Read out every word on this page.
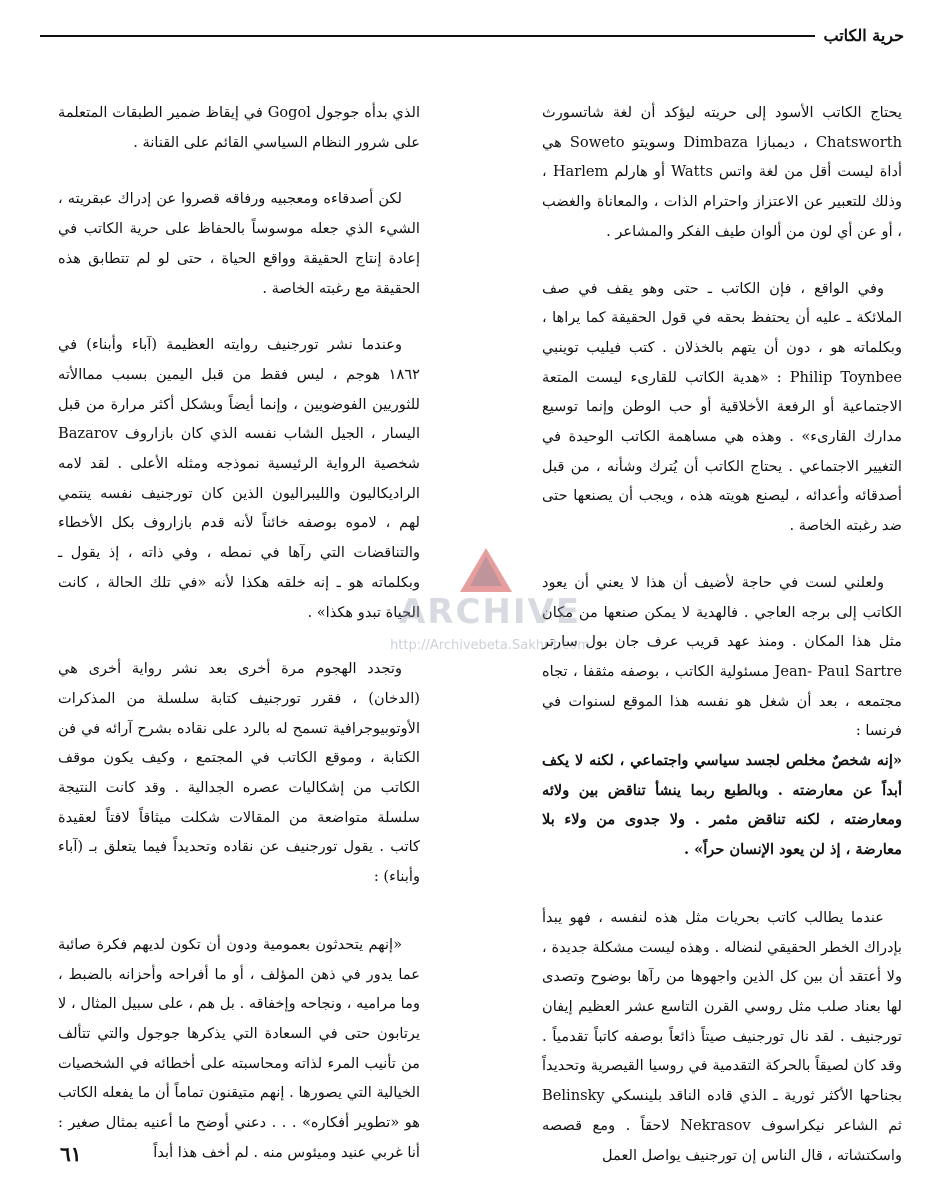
حرية الكاتب

يحتاج الكاتب الأسود إلى حريته ليؤكد أن لغة شاتسورث Chatsworth ، ديمبازا Dimbaza وسويتو Soweto هي أداة ليست أقل من لغة واتس Watts أو هارلم Harlem ، وذلك للتعبير عن الاعتزاز واحترام الذات ، والمعاناة والغضب ، أو عن أي لون من ألوان طيف الفكر والمشاعر .

وفي الواقع ، فإن الكاتب ـ حتى وهو يقف في صف الملائكة ـ عليه أن يحتفظ بحقه في قول الحقيقة كما يراها ، وبكلماته هو ، دون أن يتهم بالخذلان . كتب فيليب توينبي Philip Toynbee : «هدية الكاتب للقارىء ليست المتعة الاجتماعية أو الرفعة الأخلاقية أو حب الوطن وإنما توسيع مدارك القارىء» . وهذه هي مساهمة الكاتب الوحيدة في التغيير الاجتماعي . يحتاج الكاتب أن يُترك وشأنه ، من قبل أصدقائه وأعدائه ، ليصنع هويته هذه ، ويجب أن يصنعها حتى ضد رغبته الخاصة .

ولعلني لست في حاجة لأضيف أن هذا لا يعني أن يعود الكاتب إلى برجه العاجي . فالهدية لا يمكن صنعها من مكان مثل هذا المكان . ومنذ عهد قريب عرف جان بول سارتر Jean- Paul Sartre مسئولية الكاتب ، بوصفه مثقفا ، تجاه مجتمعه ، بعد أن شغل هو نفسه هذا الموقع لسنوات في فرنسا :

«إنه شخصٌ مخلص لجسد سياسي واجتماعي ، لكنه لا يكف أبداً عن معارضته . وبالطبع ربما ينشأ تناقض بين ولائه ومعارضته ، لكنه تناقض مثمر . ولا جدوى من ولاء بلا معارضة ، إذ لن يعود الإنسان حراً» .

عندما يطالب كاتب بحريات مثل هذه لنفسه ، فهو يبدأ بإدراك الخطر الحقيقي لنضاله . وهذه ليست مشكلة جديدة ، ولا أعتقد أن بين كل الذين واجهوها من رآها بوضوح وتصدى لها بعناد صلب مثل روسي القرن التاسع عشر العظيم إيفان تورجنيف . لقد نال تورجنيف صيتاً ذائعاً بوصفه كاتباً تقدمياً . وقد كان لصيقاً بالحركة التقدمية في روسيا القيصرية وتحديداً بجناحها الأكثر ثورية ـ الذي قاده الناقد بلينسكي Belinsky ثم الشاعر نيكراسوف Nekrasov لاحقاً . ومع قصصه واسكتشاته ، قال الناس إن تورجنيف يواصل العمل

الذي بدأه جوجول Gogol في إيقاظ ضمير الطبقات المتعلمة على شرور النظام السياسي القائم على القنانة .

لكن أصدقاءه ومعجبيه ورفاقه قصروا عن إدراك عبقريته ، الشيء الذي جعله موسوساً بالحفاظ على حرية الكاتب في إعادة إنتاج الحقيقة وواقع الحياة ، حتى لو لم تتطابق هذه الحقيقة مع رغبته الخاصة .

وعندما نشر تورجنيف روايته العظيمة (آباء وأبناء) في ١٨٦٢ هوجم ، ليس فقط من قبل اليمين بسبب مماالأته للثوريين الفوضويين ، وإنما أيضاً وبشكل أكثر مرارة من قبل اليسار ، الجيل الشاب نفسه الذي كان بازاروف Bazarov شخصية الرواية الرئيسية نموذجه ومثله الأعلى . لقد لامه الراديكاليون والليبراليون الذين كان تورجنيف نفسه ينتمي لهم ، لاموه بوصفه خائناً لأنه قدم بازاروف بكل الأخطاء والتناقضات التي رآها في نمطه ، وفي ذاته ، إذ يقول ـ وبكلماته هو ـ إنه خلقه هكذا لأنه «في تلك الحالة ، كانت الحياة تبدو هكذا» .

وتجدد الهجوم مرة أخرى بعد نشر رواية أخرى هي (الدخان) ، فقرر تورجنيف كتابة سلسلة من المذكرات الأوتوبيوجرافية تسمح له بالرد على نقاده بشرح آرائه في فن الكتابة ، وموقع الكاتب في المجتمع ، وكيف يكون موقف الكاتب من إشكاليات عصره الجدالية . وقد كانت النتيجة سلسلة متواضعة من المقالات شكلت ميثاقاً لافتاً لعقيدة كاتب . يقول تورجنيف عن نقاده وتحديداً فيما يتعلق بـ (آباء وأبناء) :

«إنهم يتحدثون بعمومية ودون أن تكون لديهم فكرة صائبة عما يدور في ذهن المؤلف ، أو ما أفراحه وأحزانه بالضبط ، وما مراميه ، ونجاحه وإخفاقه . بل هم ، على سبيل المثال ، لا يرتابون حتى في السعادة التي يذكرها جوجول والتي تتألف من تأنيب المرء لذاته ومحاسبته على أخطائه في الشخصيات الخيالية التي يصورها . إنهم متيقنون تماماً أن ما يفعله الكاتب هو «تطوير أفكاره» . . . دعني أوضح ما أعنيه بمثال صغير : أنا غربي عنيد وميئوس منه . لم أخف هذا أبداً

ARCHIVE
http://Archivebeta.Sakhrit.com
٦١
